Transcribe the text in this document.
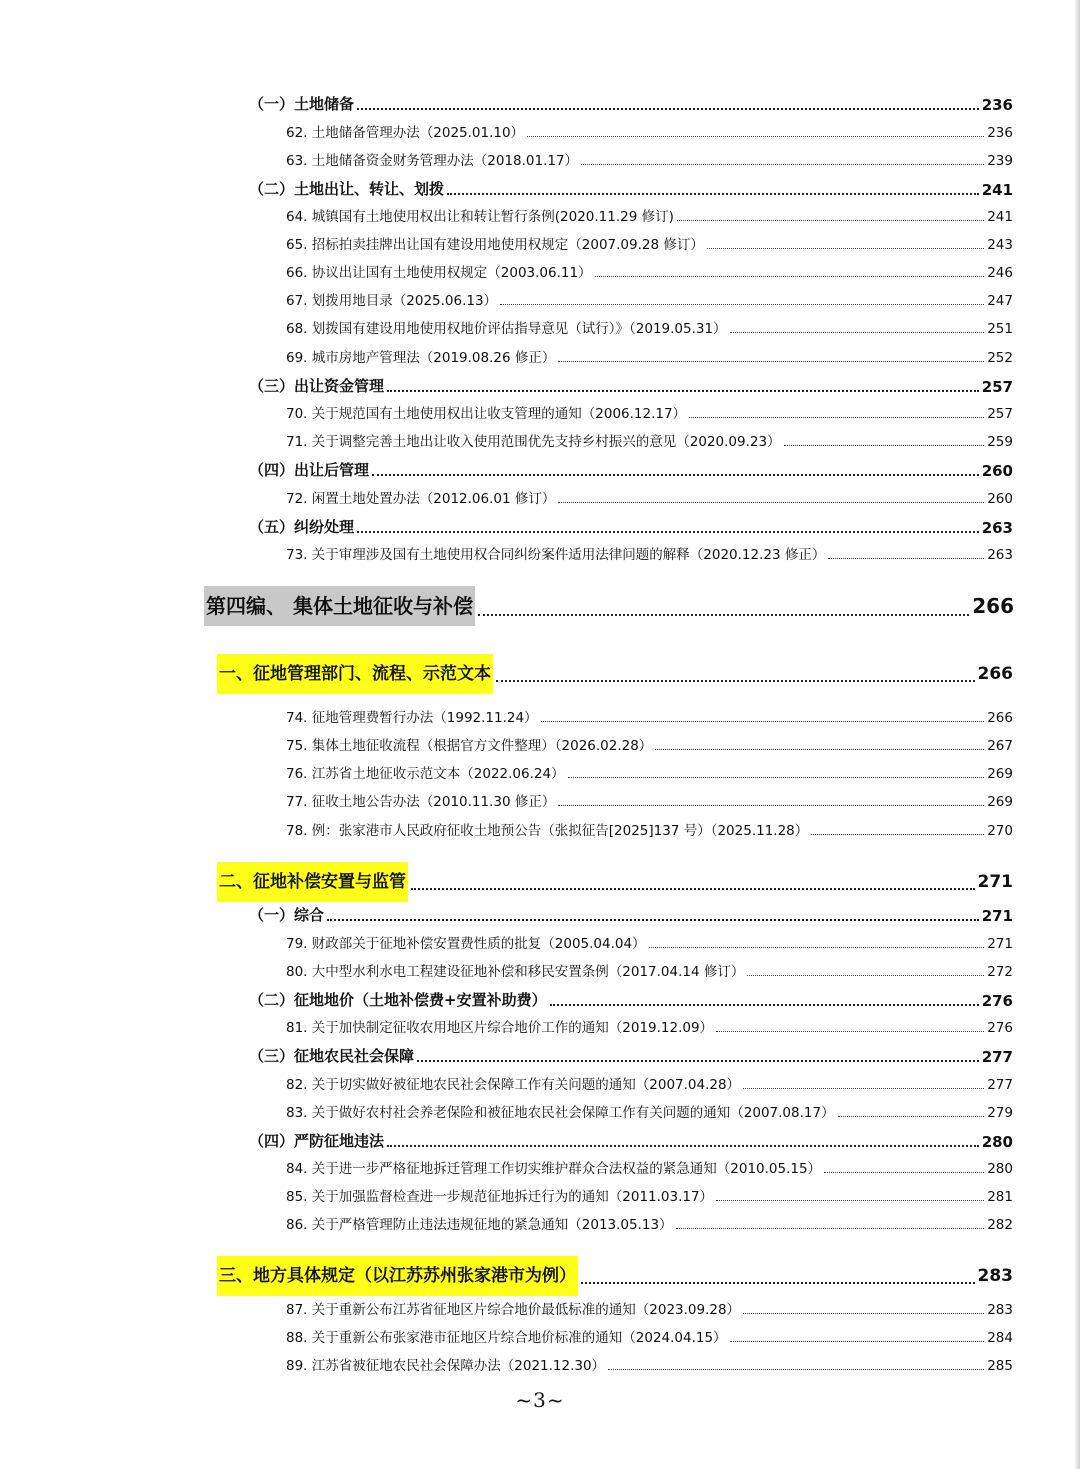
（一）土地储备	236
62. 土地储备管理办法（2025.01.10）	236
63. 土地储备资金财务管理办法（2018.01.17）	239
（二）土地出让、转让、划拨	241
64. 城镇国有土地使用权出让和转让暂行条例(2020.11.29 修订)	241
65. 招标拍卖挂牌出让国有建设用地使用权规定（2007.09.28 修订）	243
66. 协议出让国有土地使用权规定（2003.06.11）	246
67. 划拨用地目录（2025.06.13）	247
68. 划拨国有建设用地使用权地价评估指导意见（试行）》（2019.05.31）	251
69. 城市房地产管理法（2019.08.26 修正）	252
（三）出让资金管理	257
70. 关于规范国有土地使用权出让收支管理的通知（2006.12.17）	257
71. 关于调整完善土地出让收入使用范围优先支持乡村振兴的意见（2020.09.23）	259
（四）出让后管理	260
72. 闲置土地处置办法（2012.06.01 修订）	260
（五）纠纷处理	263
73. 关于审理涉及国有土地使用权合同纠纷案件适用法律问题的解释（2020.12.23 修正）	263
第四编、 集体土地征收与补偿	266
一、征地管理部门、流程、示范文本	266
74. 征地管理费暂行办法（1992.11.24）	266
75. 集体土地征收流程（根据官方文件整理）（2026.02.28）	267
76. 江苏省土地征收示范文本（2022.06.24）	269
77. 征收土地公告办法（2010.11.30 修正）	269
78. 例：张家港市人民政府征收土地预公告（张拟征告[2025]137 号）（2025.11.28）	270
二、征地补偿安置与监管	271
（一）综合	271
79. 财政部关于征地补偿安置费性质的批复（2005.04.04）	271
80. 大中型水利水电工程建设征地补偿和移民安置条例（2017.04.14 修订）	272
（二）征地地价（土地补偿费+安置补助费）	276
81. 关于加快制定征收农用地区片综合地价工作的通知（2019.12.09）	276
（三）征地农民社会保障	277
82. 关于切实做好被征地农民社会保障工作有关问题的通知（2007.04.28）	277
83. 关于做好农村社会养老保险和被征地农民社会保障工作有关问题的通知（2007.08.17）	279
（四）严防征地违法	280
84. 关于进一步严格征地拆迁管理工作切实维护群众合法权益的紧急通知（2010.05.15）	280
85. 关于加强监督检查进一步规范征地拆迁行为的通知（2011.03.17）	281
86. 关于严格管理防止违法违规征地的紧急通知（2013.05.13）	282
三、地方具体规定（以江苏苏州张家港市为例）	283
87. 关于重新公布江苏省征地区片综合地价最低标准的通知（2023.09.28）	283
88. 关于重新公布张家港市征地区片综合地价标准的通知（2024.04.15）	284
89. 江苏省被征地农民社会保障办法（2021.12.30）	285
~3~
